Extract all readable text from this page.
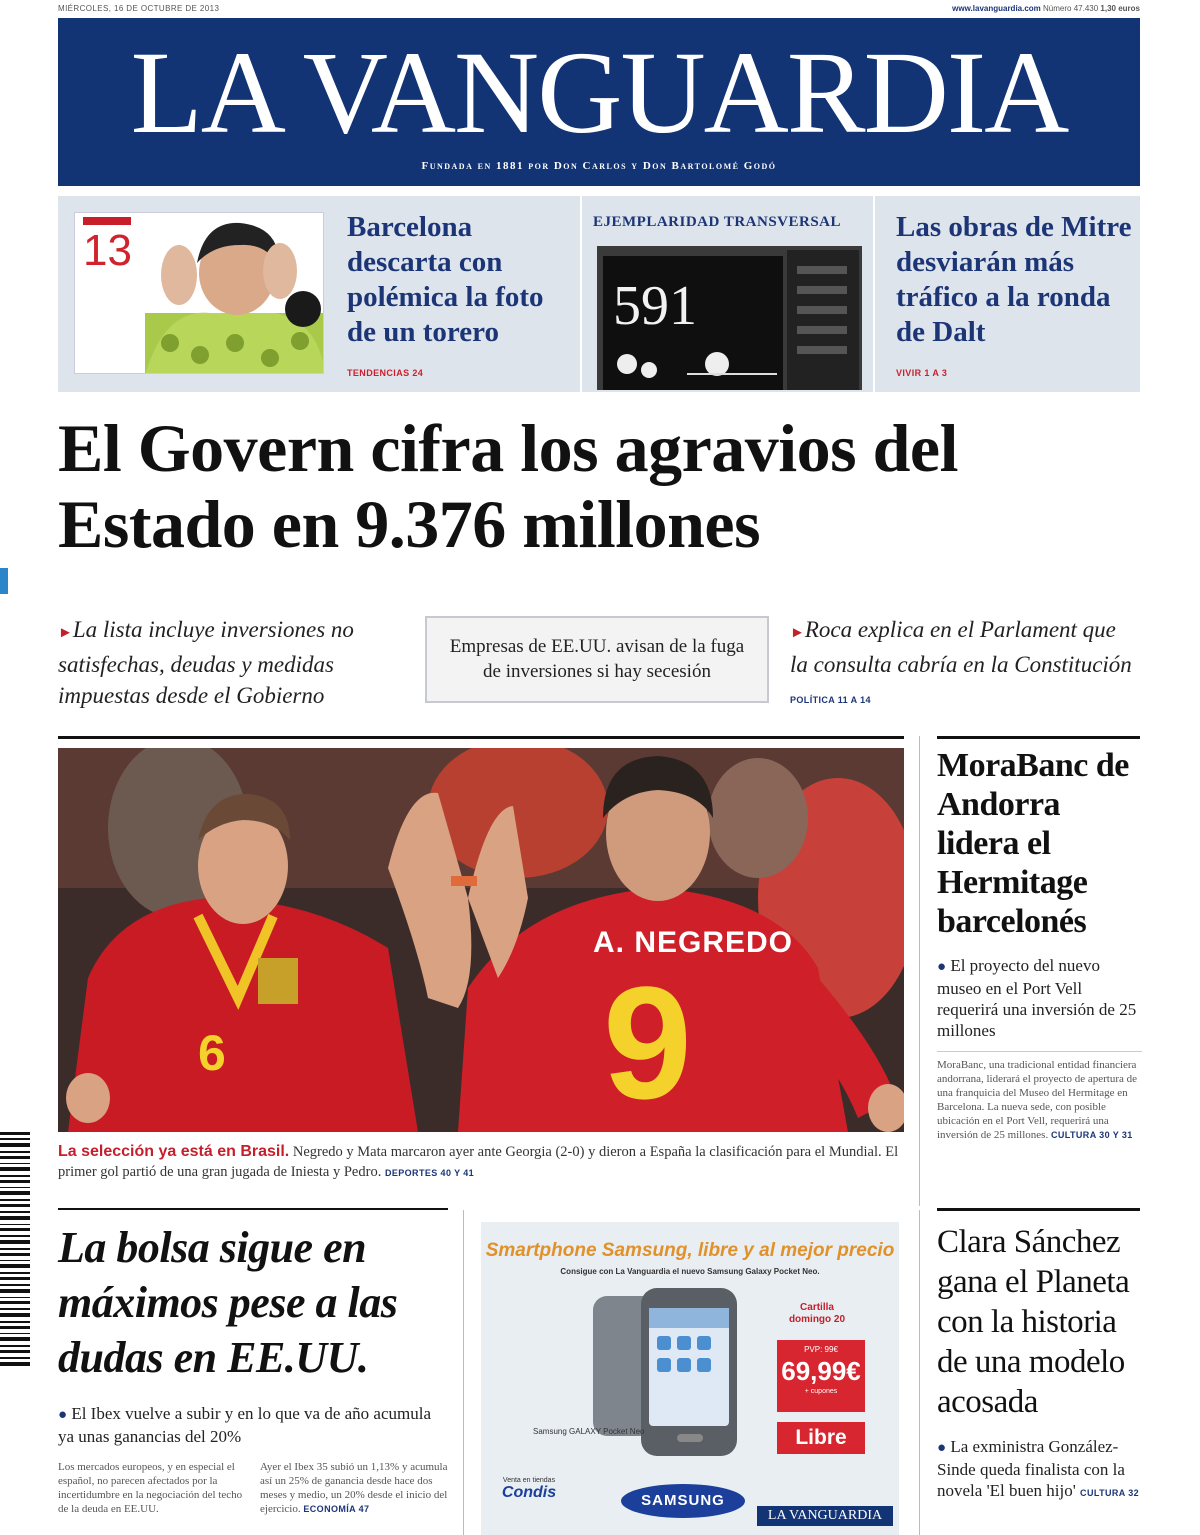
MIÉRCOLES, 16 DE OCTUBRE DE 2013	www.lavanguardia.com Número 47.430 1,30 euros
LA VANGUARDIA
Fundada en 1881 por Don Carlos y Don Bartolomé Godó
13	Barcelona descarta con polémica la foto de un torero
TENDENCIAS 24
EJEMPLARIDAD TRANSVERSAL
591
Las obras de Mitre desviarán más tráfico a la ronda de Dalt
VIVIR 1 A 3
El Govern cifra los agravios del Estado en 9.376 millones
►La lista incluye inversiones no satisfechas, deudas y medidas impuestas desde el Gobierno
Empresas de EE.UU. avisan de la fuga de inversiones si hay secesión
►Roca explica en el Parlament que la consulta cabría en la Constitución POLÍTICA 11 A 14
A. NEGREDO
9
6
La selección ya está en Brasil. Negredo y Mata marcaron ayer ante Georgia (2-0) y dieron a España la clasificación para el Mundial. El primer gol partió de una gran jugada de Iniesta y Pedro. DEPORTES 40 Y 41
MoraBanc de Andorra lidera el Hermitage barcelonés
● El proyecto del nuevo museo en el Port Vell requerirá una inversión de 25 millones
MoraBanc, una tradicional entidad financiera andorrana, liderará el proyecto de apertura de una franquicia del Museo del Hermitage en Barcelona. La nueva sede, con posible ubicación en el Port Vell, requerirá una inversión de 25 millones. CULTURA 30 Y 31
La bolsa sigue en máximos pese a las dudas en EE.UU.
● El Ibex vuelve a subir y en lo que va de año acumula ya unas ganancias del 20%
Los mercados europeos, y en especial el español, no parecen afectados por la incertidumbre en la negociación del techo de la deuda en EE.UU.
Ayer el Ibex 35 subió un 1,13% y acumula así un 25% de ganancia desde hace dos meses y medio, un 20% desde el inicio del ejercicio. ECONOMÍA 47
Smartphone Samsung, libre y al mejor precio
Consigue con La Vanguardia el nuevo Samsung Galaxy Pocket Neo.
Cartilla domingo 20
PVP: 99€
69,99€
+ cupones
Libre
Samsung GALAXY Pocket Neo
Venta en tiendas
Condis	SAMSUNG
LA VANGUARDIA
Clara Sánchez gana el Planeta con la historia de una modelo acosada
● La exministra González-Sinde queda finalista con la novela 'El buen hijo' CULTURA 32
